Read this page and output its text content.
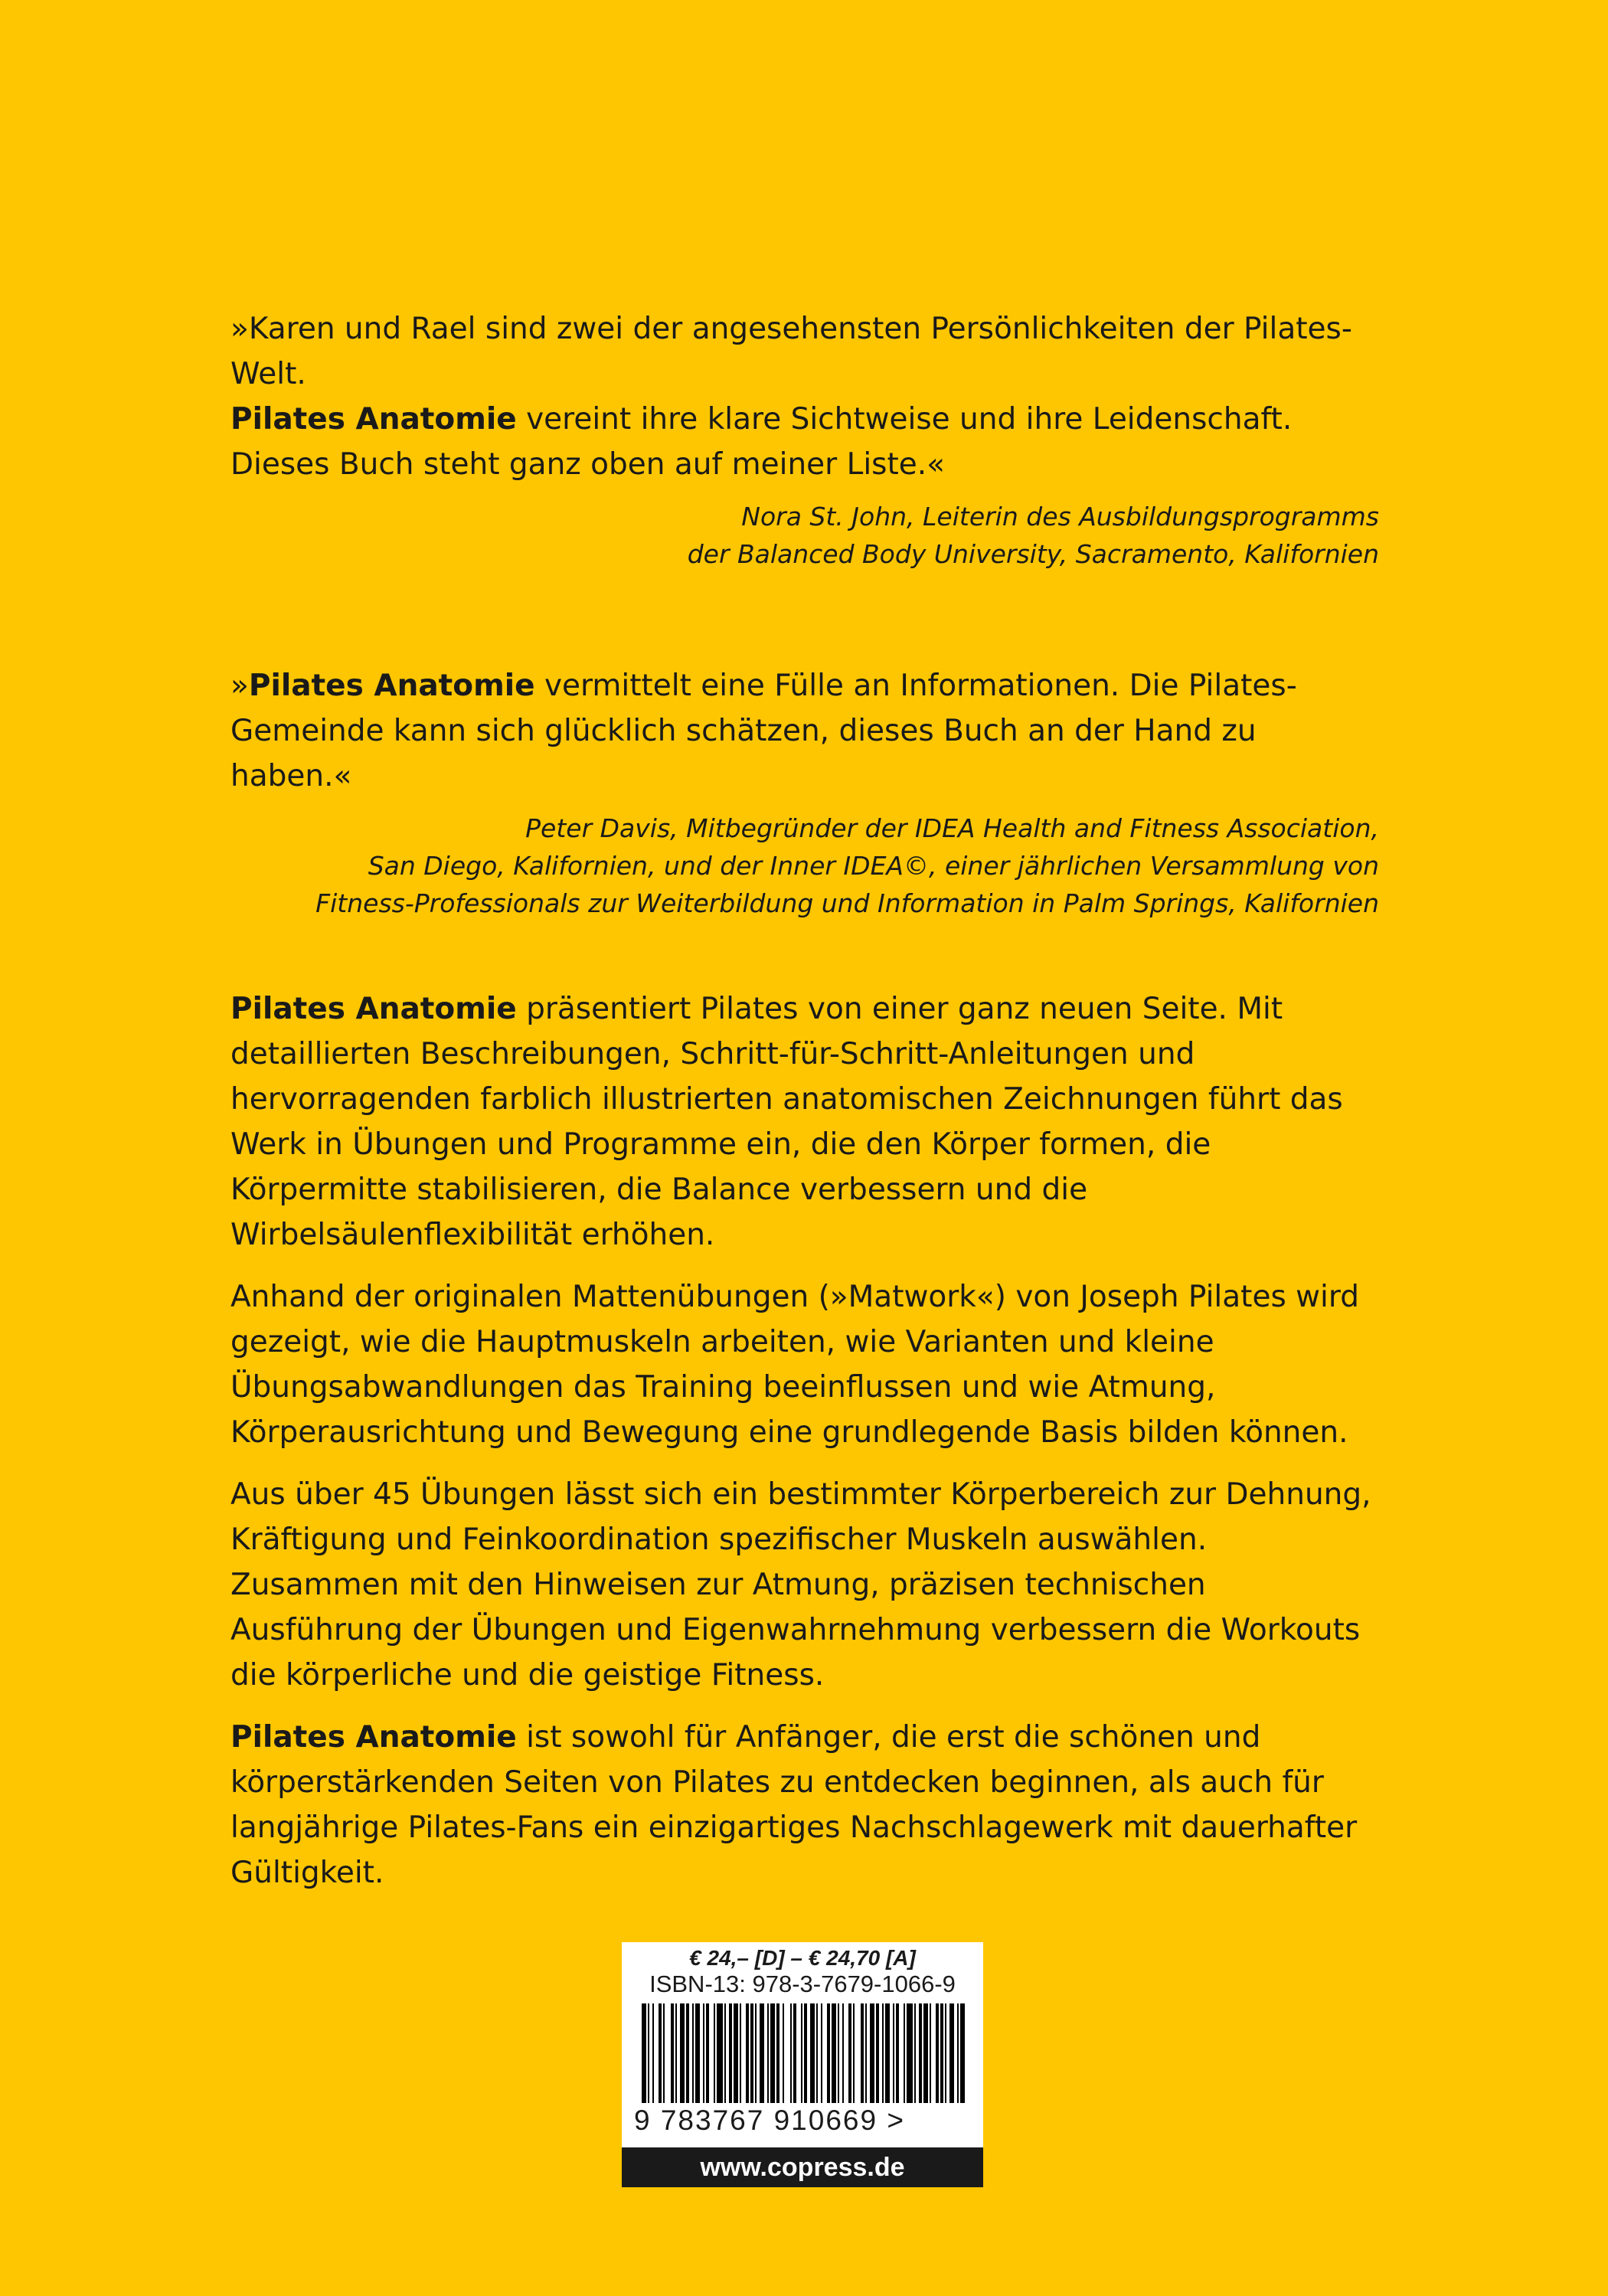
»Karen und Rael sind zwei der angesehensten Persönlichkeiten der Pilates-Welt.
Pilates Anatomie vereint ihre klare Sichtweise und ihre Leidenschaft. Dieses Buch steht ganz oben auf meiner Liste.«

Nora St. John, Leiterin des Ausbildungsprogramms
der Balanced Body University, Sacramento, Kalifornien

»Pilates Anatomie vermittelt eine Fülle an Informationen. Die Pilates-Gemeinde kann sich glücklich schätzen, dieses Buch an der Hand zu haben.«

Peter Davis, Mitbegründer der IDEA Health and Fitness Association,
San Diego, Kalifornien, und der Inner IDEA©, einer jährlichen Versammlung von
Fitness-Professionals zur Weiterbildung und Information in Palm Springs, Kalifornien

Pilates Anatomie präsentiert Pilates von einer ganz neuen Seite. Mit detaillierten Beschreibungen, Schritt-für-Schritt-Anleitungen und hervorragenden farblich illustrierten anatomischen Zeichnungen führt das Werk in Übungen und Programme ein, die den Körper formen, die Körpermitte stabilisieren, die Balance verbessern und die Wirbelsäulenflexibilität erhöhen.

Anhand der originalen Mattenübungen (»Matwork«) von Joseph Pilates wird gezeigt, wie die Hauptmuskeln arbeiten, wie Varianten und kleine Übungsabwandlungen das Training beeinflussen und wie Atmung, Körperausrichtung und Bewegung eine grundlegende Basis bilden können.

Aus über 45 Übungen lässt sich ein bestimmter Körperbereich zur Dehnung, Kräftigung und Feinkoordination spezifischer Muskeln auswählen. Zusammen mit den Hinweisen zur Atmung, präzisen technischen Ausführung der Übungen und Eigenwahrnehmung verbessern die Workouts die körperliche und die geistige Fitness.

Pilates Anatomie ist sowohl für Anfänger, die erst die schönen und körperstärkenden Seiten von Pilates zu entdecken beginnen, als auch für langjährige Pilates-Fans ein einzigartiges Nachschlagewerk mit dauerhafter Gültigkeit.

€ 24,– [D] – € 24,70 [A]
ISBN-13: 978-3-7679-1066-9
9 783767 910669 >
www.copress.de
